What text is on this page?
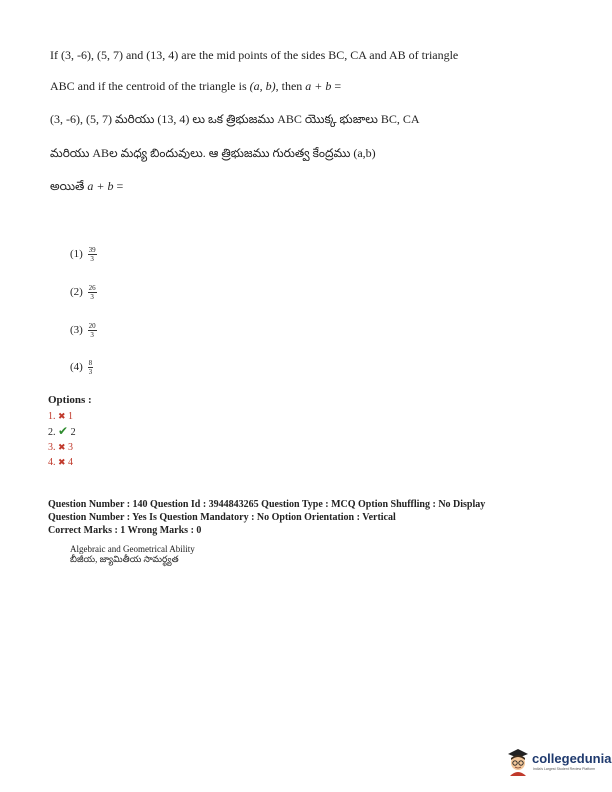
If (3, -6), (5, 7) and (13, 4) are the mid points of the sides BC, CA and AB of triangle
ABC and if the centroid of the triangle is (a, b), then a + b =
(3, -6), (5, 7) మరియు (13, 4) లు ఒక త్రిభుజము ABC యొక్క భుజాలు BC, CA
మరియు ABల మధ్య బిందువులు. ఆ త్రిభుజము గురుత్వ కేంద్రము (a,b)
అయితే a + b =
$(1) \frac{39}{3}$
$(2) \frac{26}{3}$
$(3) \frac{20}{3}$
$(4) \frac{8}{3}$
Options :
1. ✖ 1
2. ✔ 2
3. ✖ 3
4. ✖ 4
Question Number : 140 Question Id : 3944843265 Question Type : MCQ Option Shuffling : No Display
Question Number : Yes Is Question Mandatory : No Option Orientation : Vertical
Correct Marks : 1 Wrong Marks : 0
Algebraic and Geometrical Ability
బీజీయ, జ్యామితీయ సామర్థ్యత
collegedunia
India's Largest Student Review Platform
